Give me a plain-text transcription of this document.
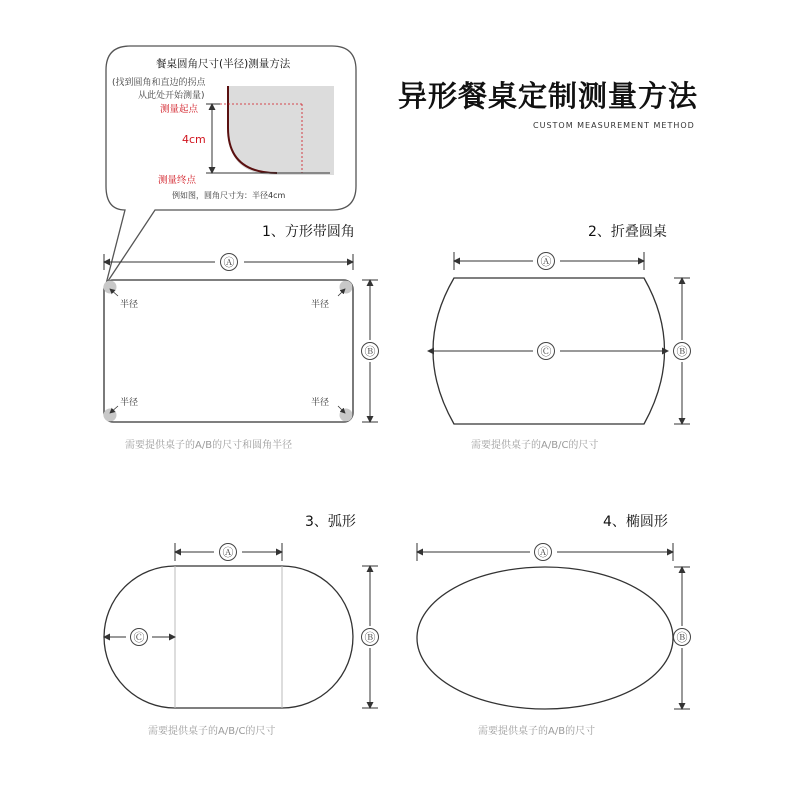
异形餐桌定制测量方法
CUSTOM MEASUREMENT METHOD
餐桌圆角尺寸(半径)测量方法
(找到圆角和直边的拐点
从此处开始测量)
测量起点
4cm
测量终点
例如图，圆角尺寸为：半径4cm
1、方形带圆角
Ⓐ
Ⓑ
半径	半径
半径	半径
需要提供桌子的A/B的尺寸和圆角半径
2、折叠圆桌
Ⓐ
Ⓒ	Ⓑ
需要提供桌子的A/B/C的尺寸
3、弧形
Ⓐ
Ⓒ	Ⓑ
需要提供桌子的A/B/C的尺寸
4、椭圆形
Ⓐ
Ⓑ
需要提供桌子的A/B的尺寸
